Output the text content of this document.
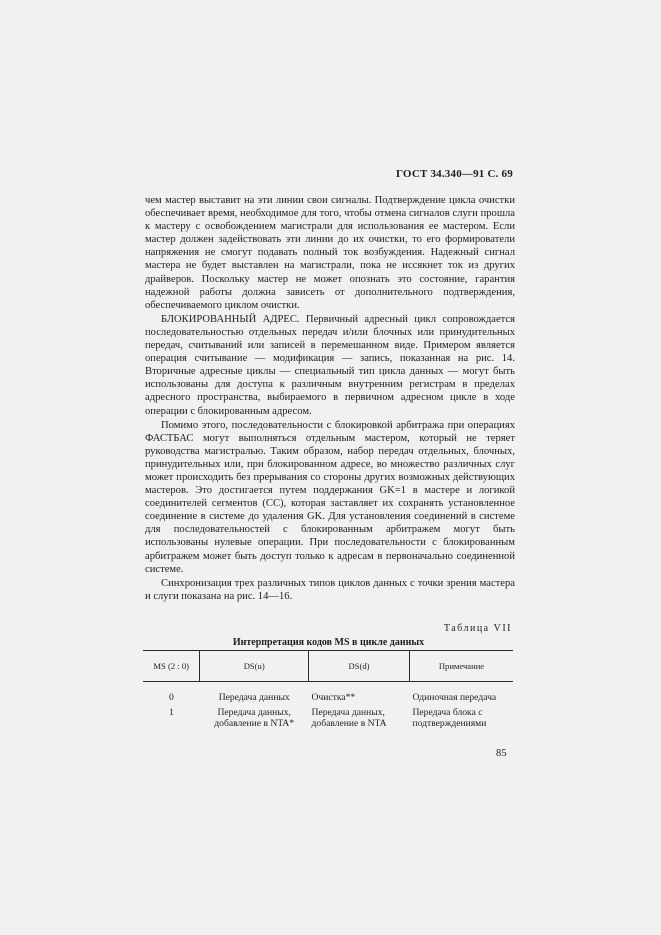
ГОСТ 34.340—91 С. 69

чем мастер выставит на эти линии свои сигналы. Подтверждение цикла очистки обеспечивает время, необходимое для того, чтобы отмена сигналов слуги прошла к мастеру с освобождением магистрали для использования ее мастером. Если мастер должен задействовать эти линии до их очистки, то его формирователи напряжения не смогут подавать полный ток возбуждения. Надежный сигнал мастера не будет выставлен на магистрали, пока не иссякнет ток из других драйверов. Поскольку мастер не может опознать это состояние, гарантия надежной работы должна зависеть от дополнительного подтверждения, обеспечиваемого циклом очистки.

БЛОКИРОВАННЫЙ АДРЕС. Первичный адресный цикл сопровождается последовательностью отдельных передач и/или блочных или принудительных передач, считываний или записей в перемешанном виде. Примером является операция считывание — модификация — запись, показанная на рис. 14. Вторичные адресные циклы — специальный тип цикла данных — могут быть использованы для доступа к различным внутренним регистрам в пределах адресного пространства, выбираемого в первичном адресном цикле в ходе операции с блокированным адресом.

Помимо этого, последовательности с блокировкой арбитража при операциях ФАСТБАС могут выполняться отдельным мастером, который не теряет руководства магистралью. Таким образом, набор передач отдельных, блочных, принудительных или, при блокированном адресе, во множество различных слуг может происходить без прерывания со стороны других возможных действующих мастеров. Это достигается путем поддержания GK=1 в мастере и логикой соединителей сегментов (СС), которая заставляет их сохранять установленное соединение в системе до удаления GK. Для установления соединений в системе для последовательностей с блокированным арбитражем могут быть использованы нулевые операции. При последовательности с блокированным арбитражем может быть доступ только к адресам в первоначально соединенной системе.

Синхронизация трех различных типов циклов данных с точки зрения мастера и слуги показана на рис. 14—16.

Таблица VII
Интерпретация кодов MS в цикле данных
MS (2 : 0)	DS(u)	DS(d)	Примечание
0	Передача данных	Очистка**	Одиночная передача
1	Передача данных, добавление в NTA*	Передача данных, добавление в NTA	Передача блока с подтверждениями
85
